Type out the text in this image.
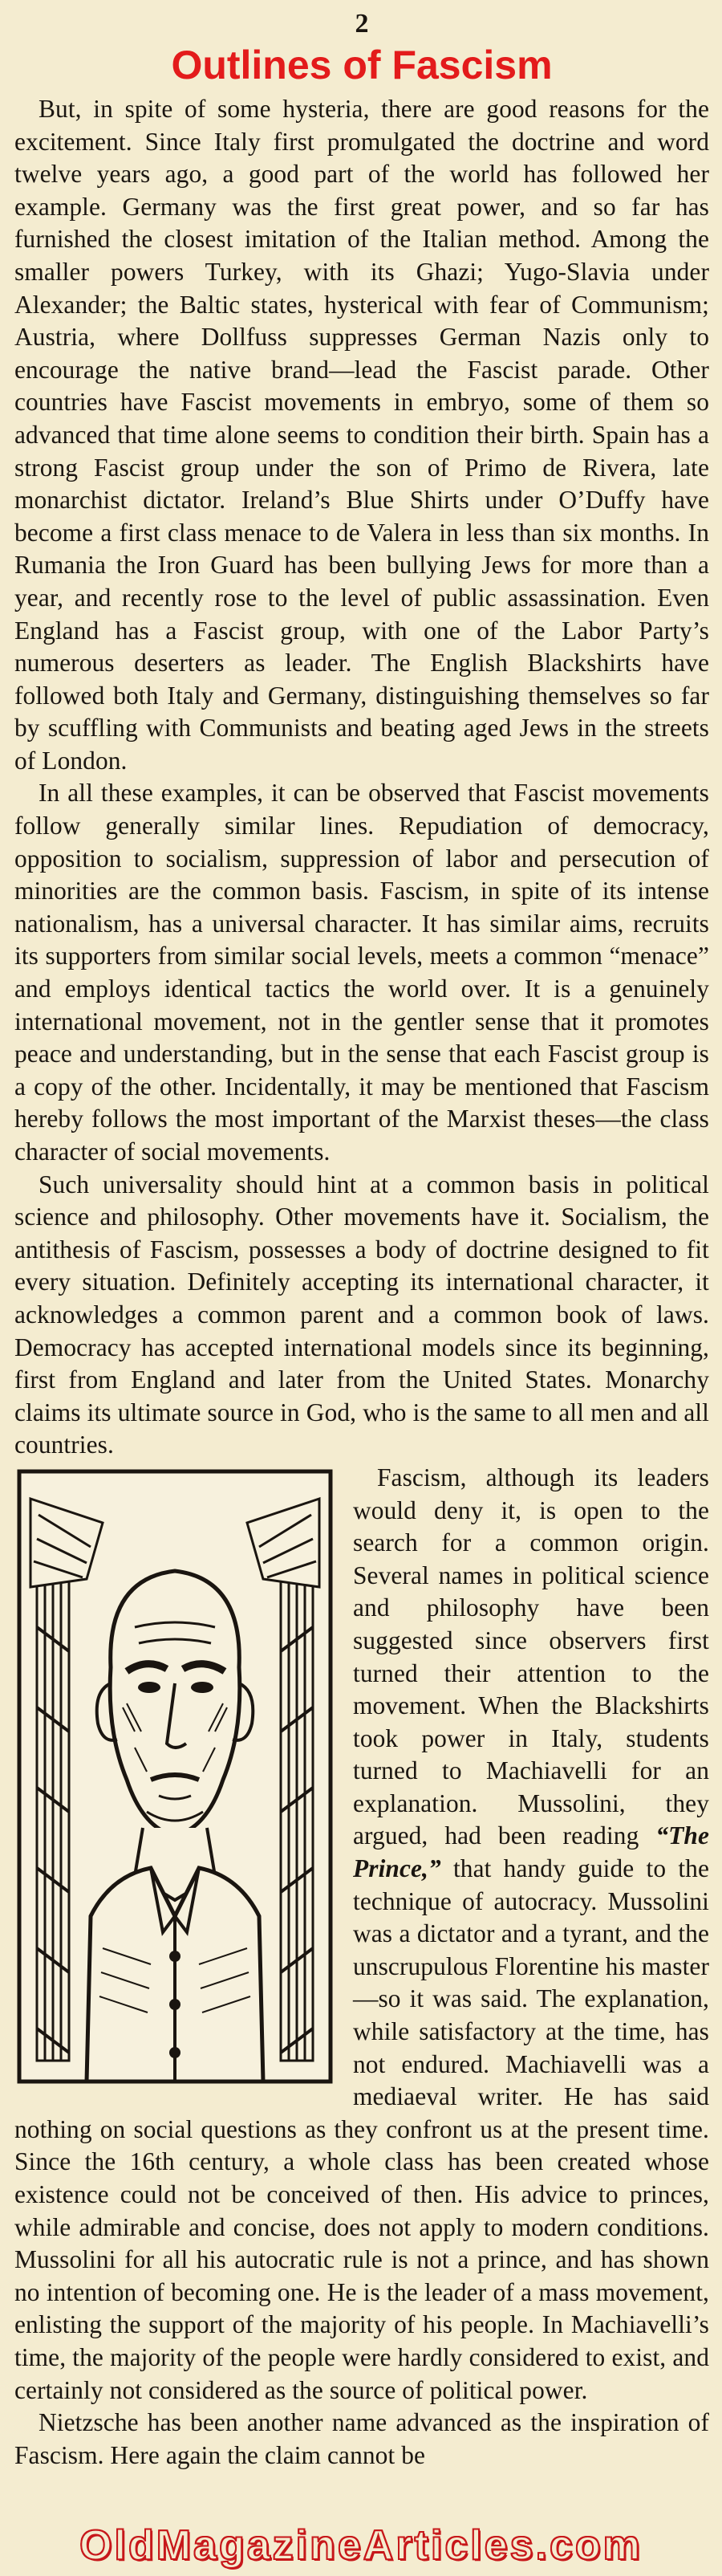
2
Outlines of Fascism

But, in spite of some hysteria, there are good reasons for the excitement. Since Italy first promulgated the doctrine and word twelve years ago, a good part of the world has followed her example. Germany was the first great power, and so far has furnished the closest imitation of the Italian method. Among the smaller powers Turkey, with its Ghazi; Yugo-Slavia under Alexander; the Baltic states, hysterical with fear of Communism; Austria, where Dollfuss suppresses German Nazis only to encourage the native brand—lead the Fascist parade. Other countries have Fascist movements in embryo, some of them so advanced that time alone seems to condition their birth. Spain has a strong Fascist group under the son of Primo de Rivera, late monarchist dictator. Ireland’s Blue Shirts under O’Duffy have become a first class menace to de Valera in less than six months. In Rumania the Iron Guard has been bullying Jews for more than a year, and recently rose to the level of public assassination. Even England has a Fascist group, with one of the Labor Party’s numerous deserters as leader. The English Blackshirts have followed both Italy and Germany, distinguishing themselves so far by scuffling with Communists and beating aged Jews in the streets of London.

In all these examples, it can be observed that Fascist movements follow generally similar lines. Repudiation of democracy, opposition to socialism, suppression of labor and persecution of minorities are the common basis. Fascism, in spite of its intense nationalism, has a universal character. It has similar aims, recruits its supporters from similar social levels, meets a common “menace” and employs identical tactics the world over. It is a genuinely international movement, not in the gentler sense that it promotes peace and understanding, but in the sense that each Fascist group is a copy of the other. Incidentally, it may be mentioned that Fascism hereby follows the most important of the Marxist theses—the class character of social movements.

Such universality should hint at a common basis in political science and philosophy. Other movements have it. Socialism, the antithesis of Fascism, possesses a body of doctrine designed to fit every situation. Definitely accepting its international character, it acknowledges a common parent and a common book of laws. Democracy has accepted international models since its beginning, first from England and later from the United States. Monarchy claims its ultimate source in God, who is the same to all men and all countries.

Fascism, although its leaders would deny it, is open to the search for a common origin. Several names in political science and philosophy have been suggested since observers first turned their attention to the movement. When the Blackshirts took power in Italy, students turned to Machiavelli for an explanation. Mussolini, they argued, had been reading “The Prince,” that handy guide to the technique of autocracy. Mussolini was a dictator and a tyrant, and the unscrupulous Florentine his master—so it was said. The explanation, while satisfactory at the time, has not endured. Machiavelli was a mediaeval writer. He has said nothing on social questions as they confront us at the present time. Since the 16th century, a whole class has been created whose existence could not be conceived of then. His advice to princes, while admirable and concise, does not apply to modern conditions. Mussolini for all his autocratic rule is not a prince, and has shown no intention of becoming one. He is the leader of a mass movement, enlisting the support of the majority of his people. In Machiavelli’s time, the majority of the people were hardly considered to exist, and certainly not considered as the source of political power.

Nietzsche has been another name advanced as the inspiration of Fascism. Here again the claim cannot be

OldMagazineArticles.com
